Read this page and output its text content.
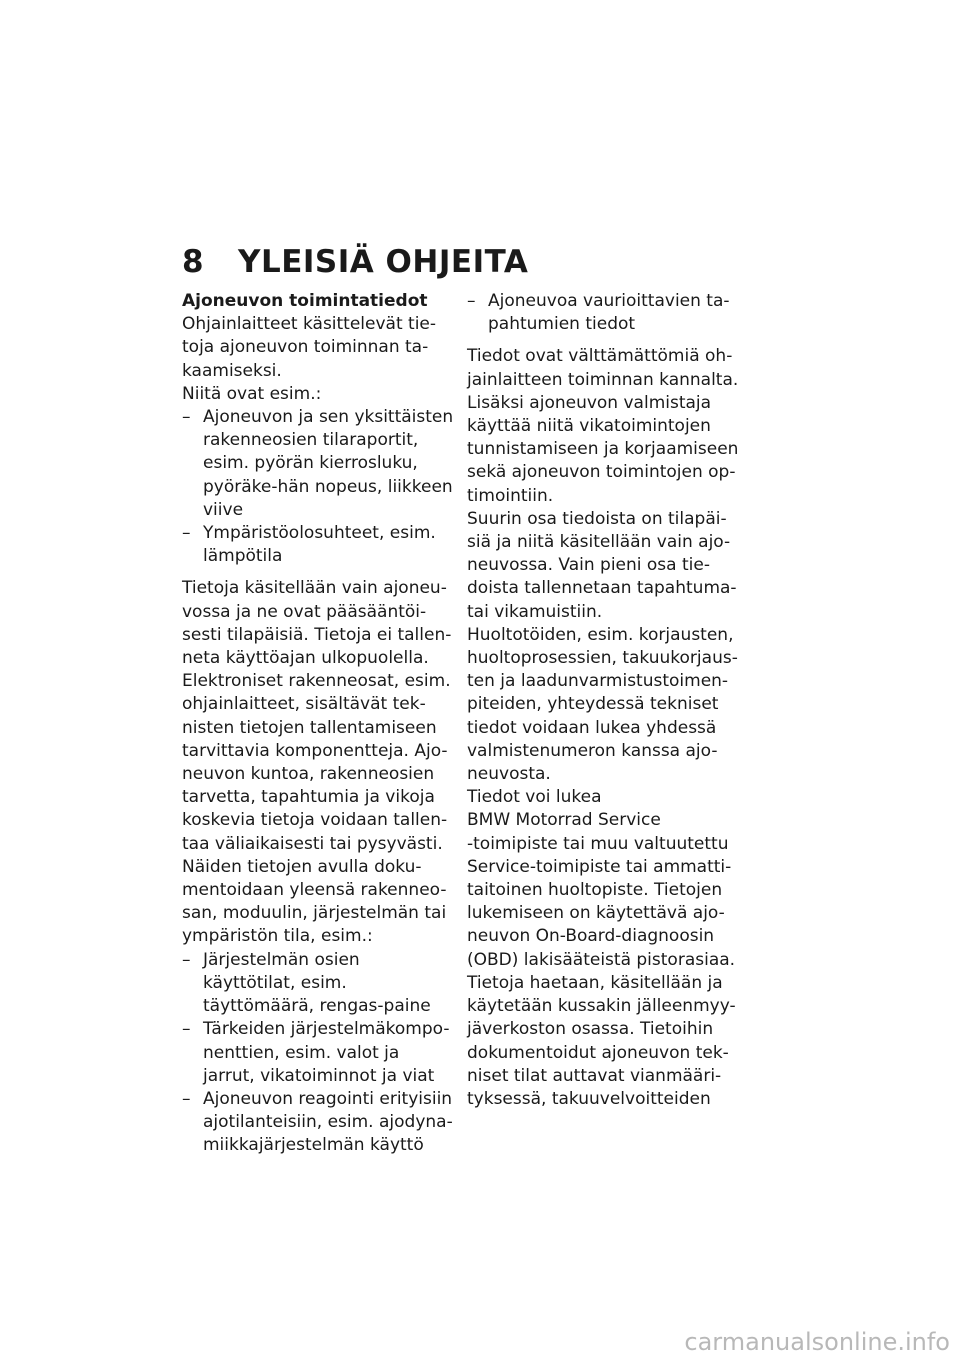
8 YLEISIÄ OHJEITA
Ajoneuvon toimintatiedot

Ohjainlaitteet käsittelevät tie-toja ajoneuvon toiminnan ta-kaamiseksi.

Niitä ovat esim.:

– Ajoneuvon ja sen yksittäisten rakenneosien tilaraportit, esim. pyörän kierrosluku, pyöräke-hän nopeus, liikkeen viive
– Ympäristöolosuhteet, esim. lämpötila

Tietoja käsitellään vain ajoneu-vossa ja ne ovat pääsääntöi-sesti tilapäisiä. Tietoja ei tallen-neta käyttöajan ulkopuolella.

Elektroniset rakenneosat, esim. ohjainlaitteet, sisältävät tek-nisten tietojen tallentamiseen tarvittavia komponentteja. Ajo-neuvon kuntoa, rakenneosien tarvetta, tapahtumia ja vikoja koskevia tietoja voidaan tallen-taa väliaikaisesti tai pysyvästi.

Näiden tietojen avulla doku-mentoidaan yleensä rakenneo-san, moduulin, järjestelmän tai ympäristön tila, esim.:

– Järjestelmän osien käyttötilat, esim. täyttömäärä, rengas-paine
– Tärkeiden järjestelmäkompo-nenttien, esim. valot ja jarrut, vikatoiminnot ja viat
– Ajoneuvon reagointi erityisiin ajotilanteisiin, esim. ajodyna-miikkajärjestelmän käyttö
– Ajoneuvoa vaurioittavien ta-pahtumien tiedot

Tiedot ovat välttämättömiä oh-jainlaitteen toiminnan kannalta.

Lisäksi ajoneuvon valmistaja käyttää niitä vikatoimintojen tunnistamiseen ja korjaamiseen sekä ajoneuvon toimintojen op-timointiin.

Suurin osa tiedoista on tilapäi-siä ja niitä käsitellään vain ajo-neuvossa. Vain pieni osa tie-doista tallennetaan tapahtuma-tai vikamuistiin.

Huoltotöiden, esim. korjausten, huoltoprosessien, takuukorjaus-ten ja laadunvarmistustoimen-piteiden, yhteydessä tekniset tiedot voidaan lukea yhdessä valmistenumeron kanssa ajo-neuvosta.

Tiedot voi lukea

BMW Motorrad Service

-toimipiste tai muu valtuutettu Service-toimipiste tai ammatti-taitoinen huoltopiste. Tietojen lukemiseen on käytettävä ajo-neuvon On-Board-diagnoosin (OBD) lakisääteistä pistorasiaa.

Tietoja haetaan, käsitellään ja käytetään kussakin jälleenmyy-jäverkoston osassa. Tietoihin dokumentoidut ajoneuvon tek-niset tilat auttavat vianmääri-tyksessä, takuuvelvoitteiden

carmanualsonline.info
